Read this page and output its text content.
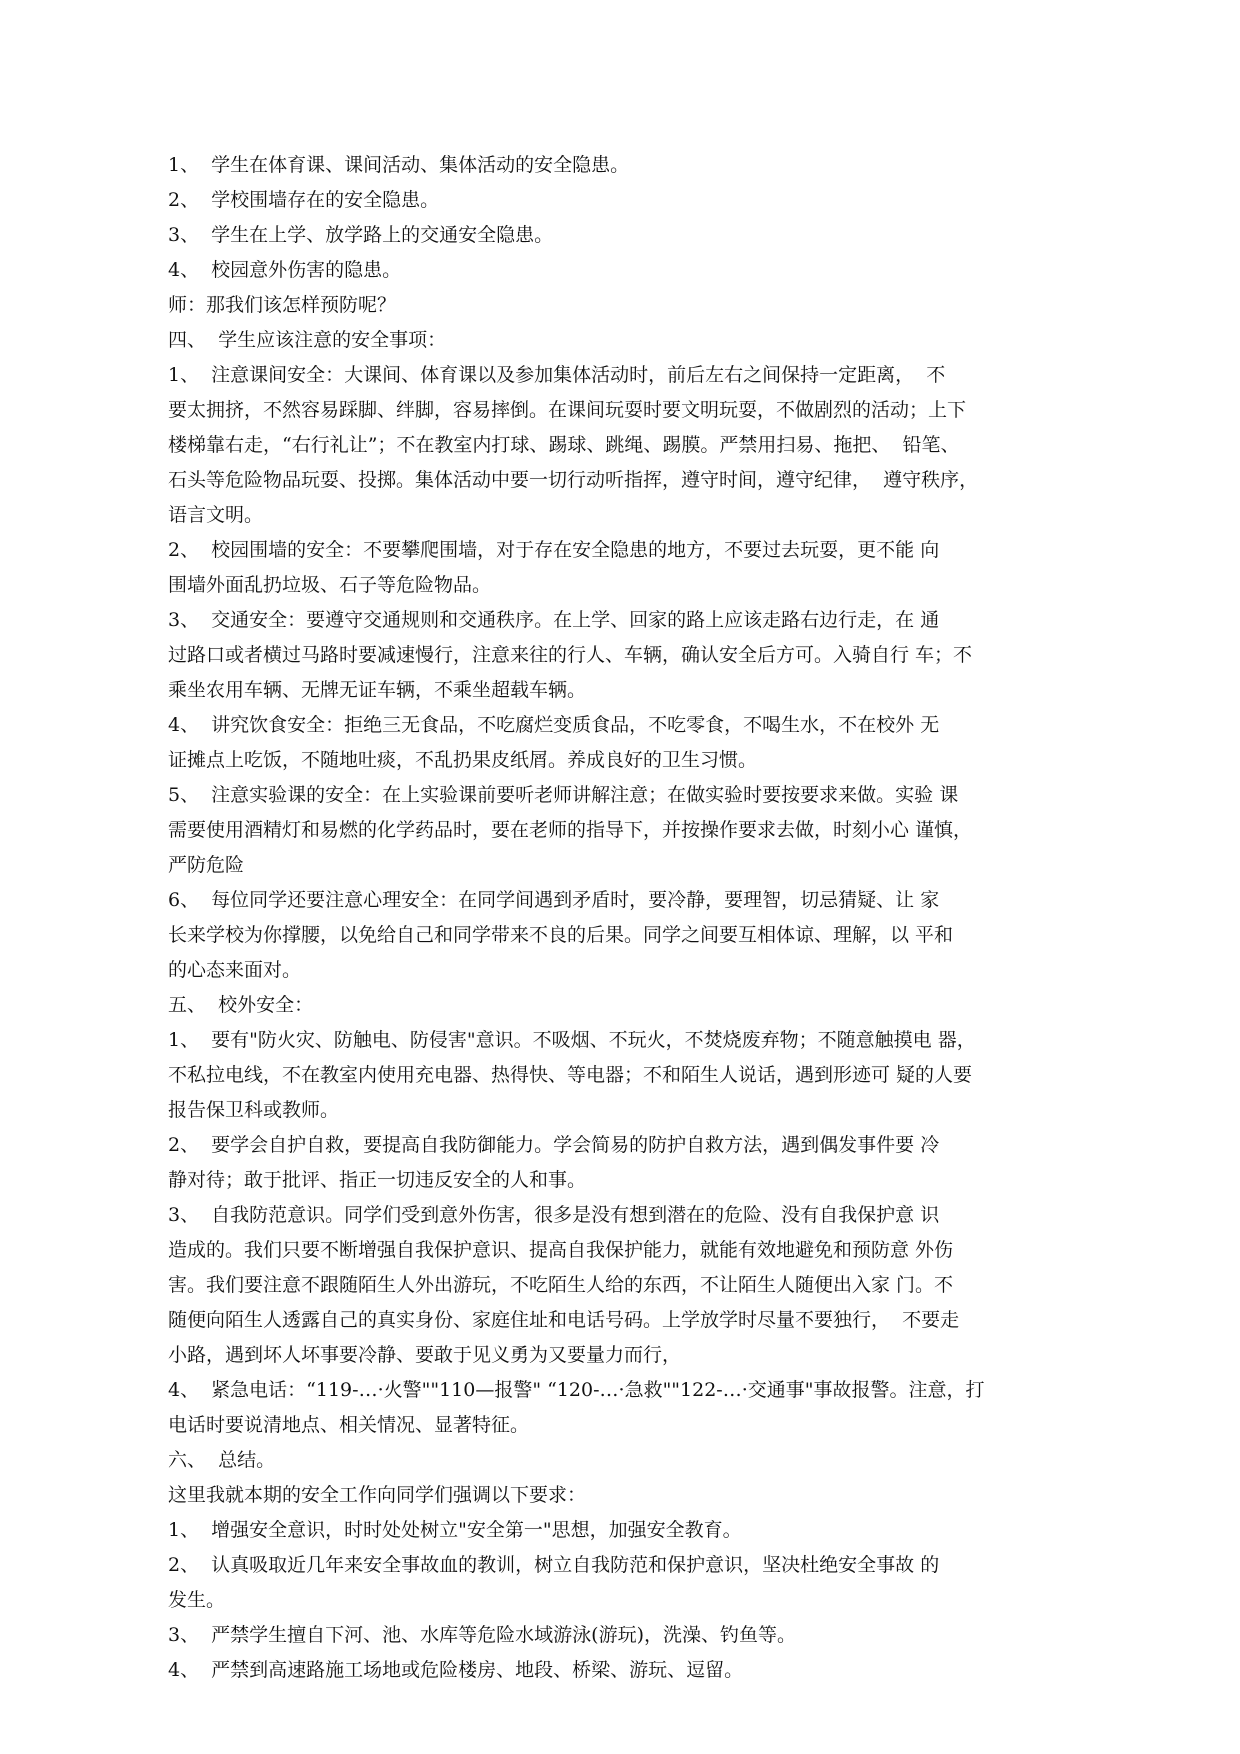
1、  学生在体育课、课间活动、集体活动的安全隐患。
2、  学校围墙存在的安全隐患。
3、  学生在上学、放学路上的交通安全隐患。
4、  校园意外伤害的隐患。
师：那我们该怎样预防呢？
四、  学生应该注意的安全事项：
1、  注意课间安全：大课间、体育课以及参加集体活动时，前后左右之间保持一定距离，  不
要太拥挤，不然容易踩脚、绊脚，容易摔倒。在课间玩耍时要文明玩耍，不做剧烈的活动；上下
楼梯靠右走，“右行礼让”；不在教室内打球、踢球、跳绳、踢膜。严禁用扫易、拖把、  铅笔、
石头等危险物品玩耍、投掷。集体活动中要一切行动听指挥，遵守时间，遵守纪律，  遵守秩序，
语言文明。
2、  校园围墙的安全：不要攀爬围墙，对于存在安全隐患的地方，不要过去玩耍，更不能 向
围墙外面乱扔垃圾、石子等危险物品。
3、  交通安全：要遵守交通规则和交通秩序。在上学、回家的路上应该走路右边行走，在 通
过路口或者横过马路时要减速慢行，注意来往的行人、车辆，确认安全后方可。入骑自行 车；不
乘坐农用车辆、无牌无证车辆，不乘坐超载车辆。
4、  讲究饮食安全：拒绝三无食品，不吃腐烂变质食品，不吃零食，不喝生水，不在校外 无
证摊点上吃饭，不随地吐痰，不乱扔果皮纸屑。养成良好的卫生习惯。
5、  注意实验课的安全：在上实验课前要听老师讲解注意；在做实验时要按要求来做。实验 课
需要使用酒精灯和易燃的化学药品时，要在老师的指导下，并按操作要求去做，时刻小心 谨慎，
严防危险
6、  每位同学还要注意心理安全：在同学间遇到矛盾时，要冷静，要理智，切忌猜疑、让 家
长来学校为你撑腰，以免给自己和同学带来不良的后果。同学之间要互相体谅、理解，以 平和
的心态来面对。
五、  校外安全：
1、  要有"防火灾、防触电、防侵害"意识。不吸烟、不玩火，不焚烧废弃物；不随意触摸电 器，
不私拉电线，不在教室内使用充电器、热得快、等电器；不和陌生人说话，遇到形迹可 疑的人要
报告保卫科或教师。
2、  要学会自护自救，要提高自我防御能力。学会简易的防护自救方法，遇到偶发事件要 冷
静对待；敢于批评、指正一切违反安全的人和事。
3、  自我防范意识。同学们受到意外伤害，很多是没有想到潜在的危险、没有自我保护意 识
造成的。我们只要不断增强自我保护意识、提高自我保护能力，就能有效地避免和预防意 外伤
害。我们要注意不跟随陌生人外出游玩，不吃陌生人给的东西，不让陌生人随便出入家 门。不
随便向陌生人透露自己的真实身份、家庭住址和电话号码。上学放学时尽量不要独行，  不要走
小路，遇到坏人坏事要冷静、要敢于见义勇为又要量力而行，
4、  紧急电话：“119-…·火警""110—报警" “120-…·急救""122-…·交通事"事故报警。注意，打
电话时要说清地点、相关情况、显著特征。
六、  总结。
这里我就本期的安全工作向同学们强调以下要求：
1、  增强安全意识，时时处处树立"安全第一"思想，加强安全教育。
2、  认真吸取近几年来安全事故血的教训，树立自我防范和保护意识，坚决杜绝安全事故 的
发生。
3、  严禁学生擅自下河、池、水库等危险水域游泳(游玩)，洗澡、钓鱼等。
4、  严禁到高速路施工场地或危险楼房、地段、桥梁、游玩、逗留。
